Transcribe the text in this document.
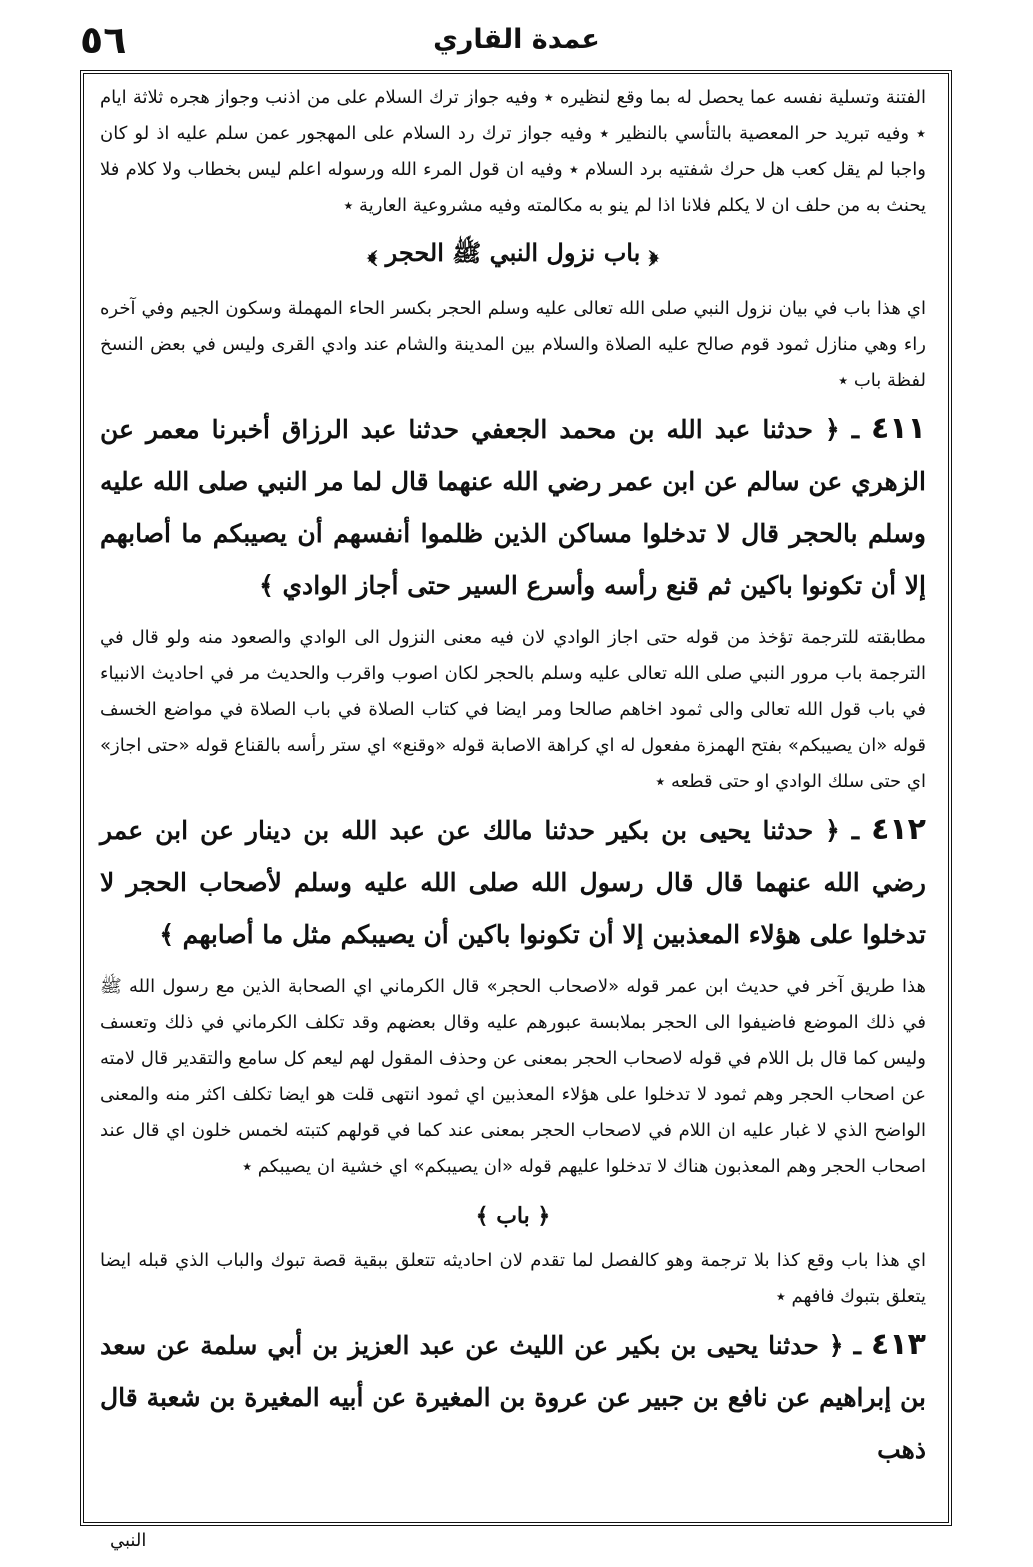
٥٦	عمدة القاري

الفتنة وتسلية نفسه عما يحصل له بما وقع لنظيره ٭ وفيه جواز ترك السلام على من اذنب وجواز هجره ثلاثة ايام ٭ وفيه تبريد حر المعصية بالتأسي بالنظير ٭ وفيه جواز ترك رد السلام على المهجور عمن سلم عليه اذ لو كان واجبا لم يقل كعب هل حرك شفتيه برد السلام ٭ وفيه ان قول المرء الله ورسوله اعلم ليس بخطاب ولا كلام فلا يحنث به من حلف ان لا يكلم فلانا اذا لم ينو به مكالمته وفيه مشروعية العارية ٭

﴿ باب نزول النبي ﷺ الحجر ﴾

اي هذا باب في بيان نزول النبي صلى الله تعالى عليه وسلم الحجر بكسر الحاء المهملة وسكون الجيم وفي آخره راء وهي منازل ثمود قوم صالح عليه الصلاة والسلام بين المدينة والشام عند وادي القرى وليس في بعض النسخ لفظة باب ٭

٤١١ ـ ﴿ حدثنا عبد الله بن محمد الجعفي حدثنا عبد الرزاق أخبرنا معمر عن الزهري عن سالم عن ابن عمر رضي الله عنهما قال لما مر النبي صلى الله عليه وسلم بالحجر قال لا تدخلوا مساكن الذين ظلموا أنفسهم أن يصيبكم ما أصابهم إلا أن تكونوا باكين ثم قنع رأسه وأسرع السير حتى أجاز الوادي ﴾

مطابقته للترجمة تؤخذ من قوله حتى اجاز الوادي لان فيه معنى النزول الى الوادي والصعود منه ولو قال في الترجمة باب مرور النبي صلى الله تعالى عليه وسلم بالحجر لكان اصوب واقرب والحديث مر في احاديث الانبياء في باب قول الله تعالى والى ثمود اخاهم صالحا ومر ايضا في كتاب الصلاة في باب الصلاة في مواضع الخسف قوله «ان يصيبكم» بفتح الهمزة مفعول له اي كراهة الاصابة قوله «وقنع» اي ستر رأسه بالقناع قوله «حتى اجاز» اي حتى سلك الوادي او حتى قطعه ٭

٤١٢ ـ ﴿ حدثنا يحيى بن بكير حدثنا مالك عن عبد الله بن دينار عن ابن عمر رضي الله عنهما قال قال رسول الله صلى الله عليه وسلم لأصحاب الحجر لا تدخلوا على هؤلاء المعذبين إلا أن تكونوا باكين أن يصيبكم مثل ما أصابهم ﴾

هذا طريق آخر في حديث ابن عمر قوله «لاصحاب الحجر» قال الكرماني اي الصحابة الذين مع رسول الله ﷺ في ذلك الموضع فاضيفوا الى الحجر بملابسة عبورهم عليه وقال بعضهم وقد تكلف الكرماني في ذلك وتعسف وليس كما قال بل اللام في قوله لاصحاب الحجر بمعنى عن وحذف المقول لهم ليعم كل سامع والتقدير قال لامته عن اصحاب الحجر وهم ثمود لا تدخلوا على هؤلاء المعذبين اي ثمود انتهى قلت هو ايضا تكلف اكثر منه والمعنى الواضح الذي لا غبار عليه ان اللام في لاصحاب الحجر بمعنى عند كما في قولهم كتبته لخمس خلون اي قال عند اصحاب الحجر وهم المعذبون هناك لا تدخلوا عليهم قوله «ان يصيبكم» اي خشية ان يصيبكم ٭

﴿ باب ﴾

اي هذا باب وقع كذا بلا ترجمة وهو كالفصل لما تقدم لان احاديثه تتعلق ببقية قصة تبوك والباب الذي قبله ايضا يتعلق بتبوك فافهم ٭

٤١٣ ـ ﴿ حدثنا يحيى بن بكير عن الليث عن عبد العزيز بن أبي سلمة عن سعد بن إبراهيم عن نافع بن جبير عن عروة بن المغيرة عن أبيه المغيرة بن شعبة قال ذهب

النبي
